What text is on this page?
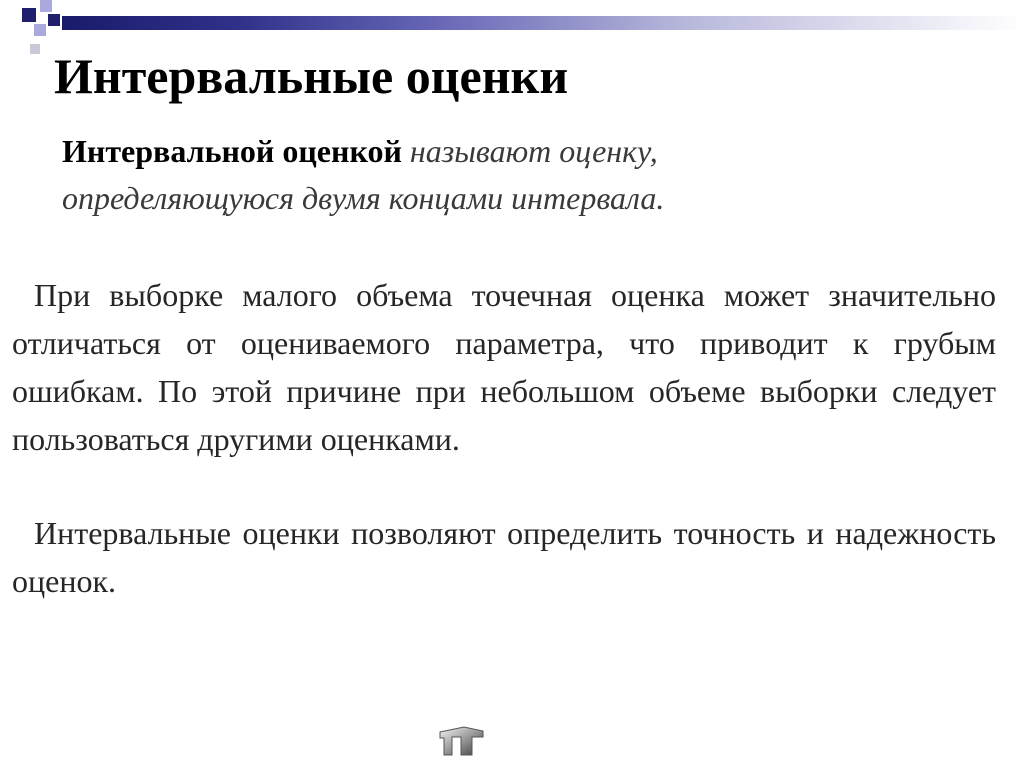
Интервальные оценки

Интервальной оценкой называют оценку, определяющуюся двумя концами интервала.

При выборке малого объема точечная оценка может значительно отличаться от оцениваемого параметра, что приводит к грубым ошибкам. По этой причине при небольшом объеме выборки следует пользоваться другими оценками.

Интервальные оценки позволяют определить точность и надежность оценок.
